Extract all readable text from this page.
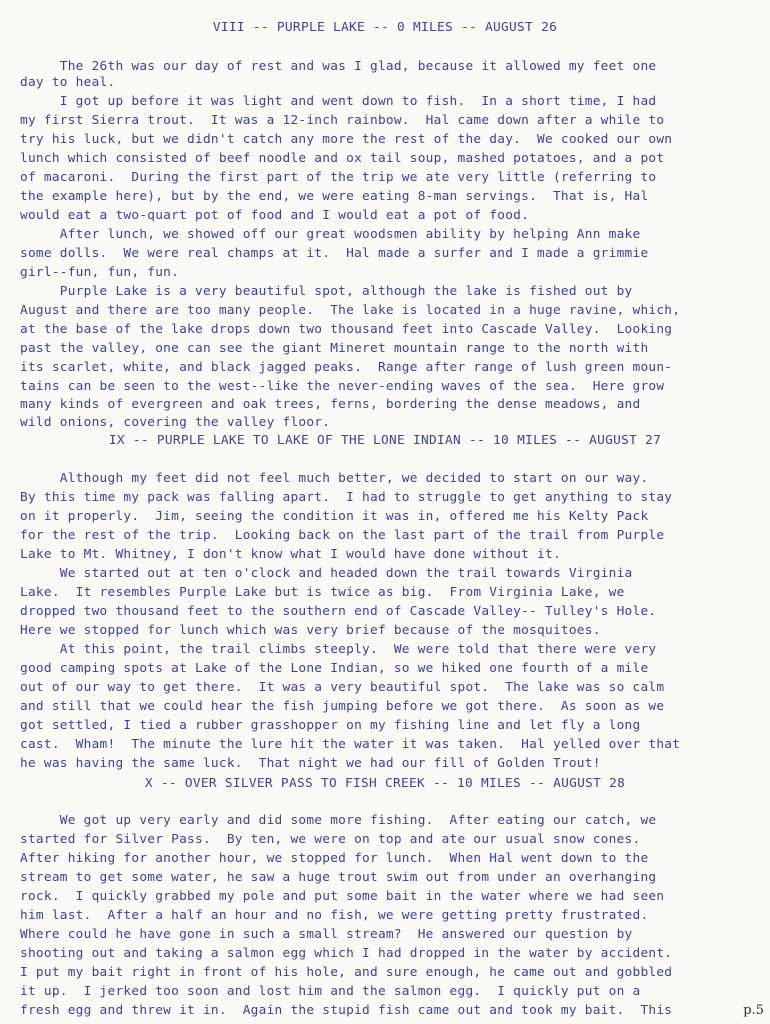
VIII -- PURPLE LAKE -- 0 MILES -- AUGUST 26
The 26th was our day of rest and was I glad, because it allowed my feet one
day to heal.
I got up before it was light and went down to fish.  In a short time, I had
my first Sierra trout.  It was a 12-inch rainbow.  Hal came down after a while to
try his luck, but we didn't catch any more the rest of the day.  We cooked our own
lunch which consisted of beef noodle and ox tail soup, mashed potatoes, and a pot
of macaroni.  During the first part of the trip we ate very little (referring to
the example here), but by the end, we were eating 8-man servings.  That is, Hal
would eat a two-quart pot of food and I would eat a pot of food.
After lunch, we showed off our great woodsmen ability by helping Ann make
some dolls.  We were real champs at it.  Hal made a surfer and I made a grimmie
girl--fun, fun, fun.
Purple Lake is a very beautiful spot, although the lake is fished out by
August and there are too many people.  The lake is located in a huge ravine, which,
at the base of the lake drops down two thousand feet into Cascade Valley.  Looking
past the valley, one can see the giant Mineret mountain range to the north with
its scarlet, white, and black jagged peaks.  Range after range of lush green moun-
tains can be seen to the west--like the never-ending waves of the sea.  Here grow
many kinds of evergreen and oak trees, ferns, bordering the dense meadows, and
wild onions, covering the valley floor.
IX -- PURPLE LAKE TO LAKE OF THE LONE INDIAN -- 10 MILES -- AUGUST 27
Although my feet did not feel much better, we decided to start on our way.
By this time my pack was falling apart.  I had to struggle to get anything to stay
on it properly.  Jim, seeing the condition it was in, offered me his Kelty Pack
for the rest of the trip.  Looking back on the last part of the trail from Purple
Lake to Mt. Whitney, I don't know what I would have done without it.
We started out at ten o'clock and headed down the trail towards Virginia
Lake.  It resembles Purple Lake but is twice as big.  From Virginia Lake, we
dropped two thousand feet to the southern end of Cascade Valley-- Tulley's Hole.
Here we stopped for lunch which was very brief because of the mosquitoes.
At this point, the trail climbs steeply.  We were told that there were very
good camping spots at Lake of the Lone Indian, so we hiked one fourth of a mile
out of our way to get there.  It was a very beautiful spot.  The lake was so calm
and still that we could hear the fish jumping before we got there.  As soon as we
got settled, I tied a rubber grasshopper on my fishing line and let fly a long
cast.  Wham!  The minute the lure hit the water it was taken.  Hal yelled over that
he was having the same luck.  That night we had our fill of Golden Trout!
X -- OVER SILVER PASS TO FISH CREEK -- 10 MILES -- AUGUST 28
We got up very early and did some more fishing.  After eating our catch, we
started for Silver Pass.  By ten, we were on top and ate our usual snow cones.
After hiking for another hour, we stopped for lunch.  When Hal went down to the
stream to get some water, he saw a huge trout swim out from under an overhanging
rock.  I quickly grabbed my pole and put some bait in the water where we had seen
him last.  After a half an hour and no fish, we were getting pretty frustrated.
Where could he have gone in such a small stream?  He answered our question by
shooting out and taking a salmon egg which I had dropped in the water by accident.
I put my bait right in front of his hole, and sure enough, he came out and gobbled
it up.  I jerked too soon and lost him and the salmon egg.  I quickly put on a
fresh egg and threw it in.  Again the stupid fish came out and took my bait.  This	p.5
